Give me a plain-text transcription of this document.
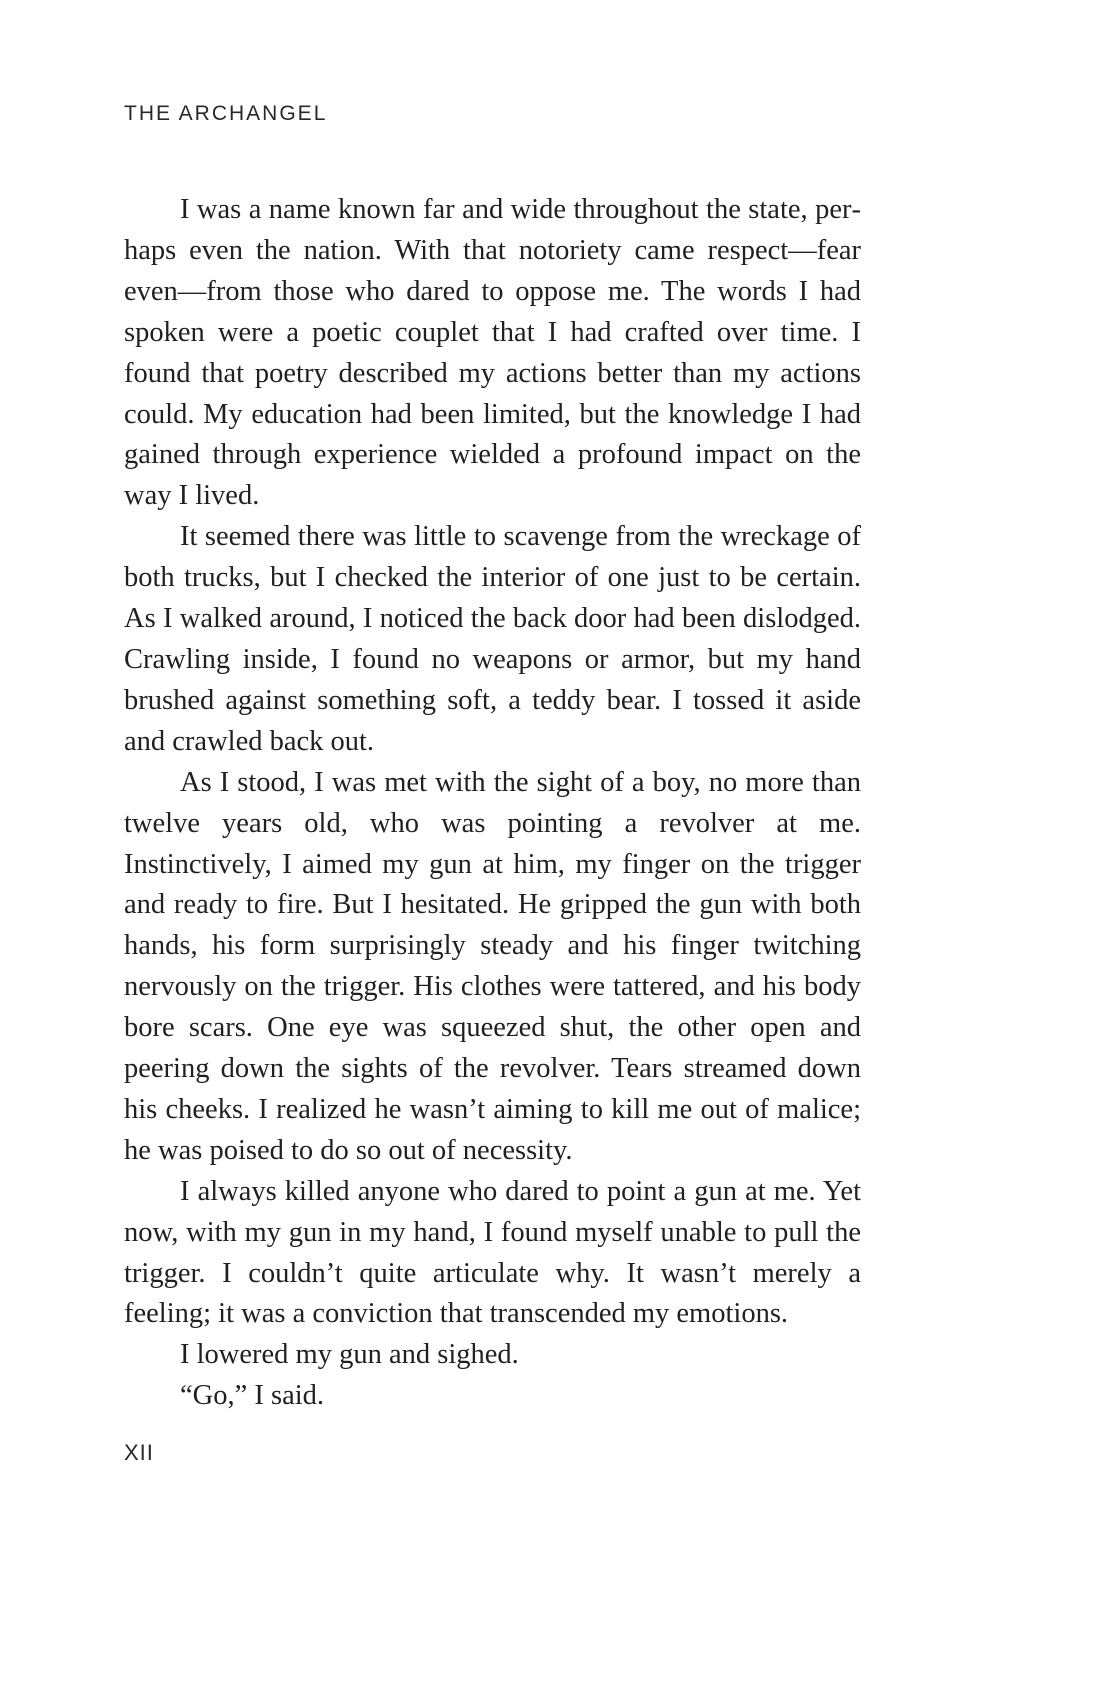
THE ARCHANGEL

I was a name known far and wide throughout the state, perhaps even the nation. With that notoriety came respect—fear even—from those who dared to oppose me. The words I had spoken were a poetic couplet that I had crafted over time. I found that poetry described my actions better than my actions could. My education had been limited, but the knowledge I had gained through experience wielded a profound impact on the way I lived.

It seemed there was little to scavenge from the wreckage of both trucks, but I checked the interior of one just to be certain. As I walked around, I noticed the back door had been dislodged. Crawling inside, I found no weapons or armor, but my hand brushed against something soft, a teddy bear. I tossed it aside and crawled back out.

As I stood, I was met with the sight of a boy, no more than twelve years old, who was pointing a revolver at me. Instinctively, I aimed my gun at him, my finger on the trigger and ready to fire. But I hesitated. He gripped the gun with both hands, his form surprisingly steady and his finger twitching nervously on the trigger. His clothes were tattered, and his body bore scars. One eye was squeezed shut, the other open and peering down the sights of the revolver. Tears streamed down his cheeks. I realized he wasn’t aiming to kill me out of malice; he was poised to do so out of necessity.

I always killed anyone who dared to point a gun at me. Yet now, with my gun in my hand, I found myself unable to pull the trigger. I couldn’t quite articulate why. It wasn’t merely a feeling; it was a conviction that transcended my emotions.

I lowered my gun and sighed.

“Go,” I said.

XII
